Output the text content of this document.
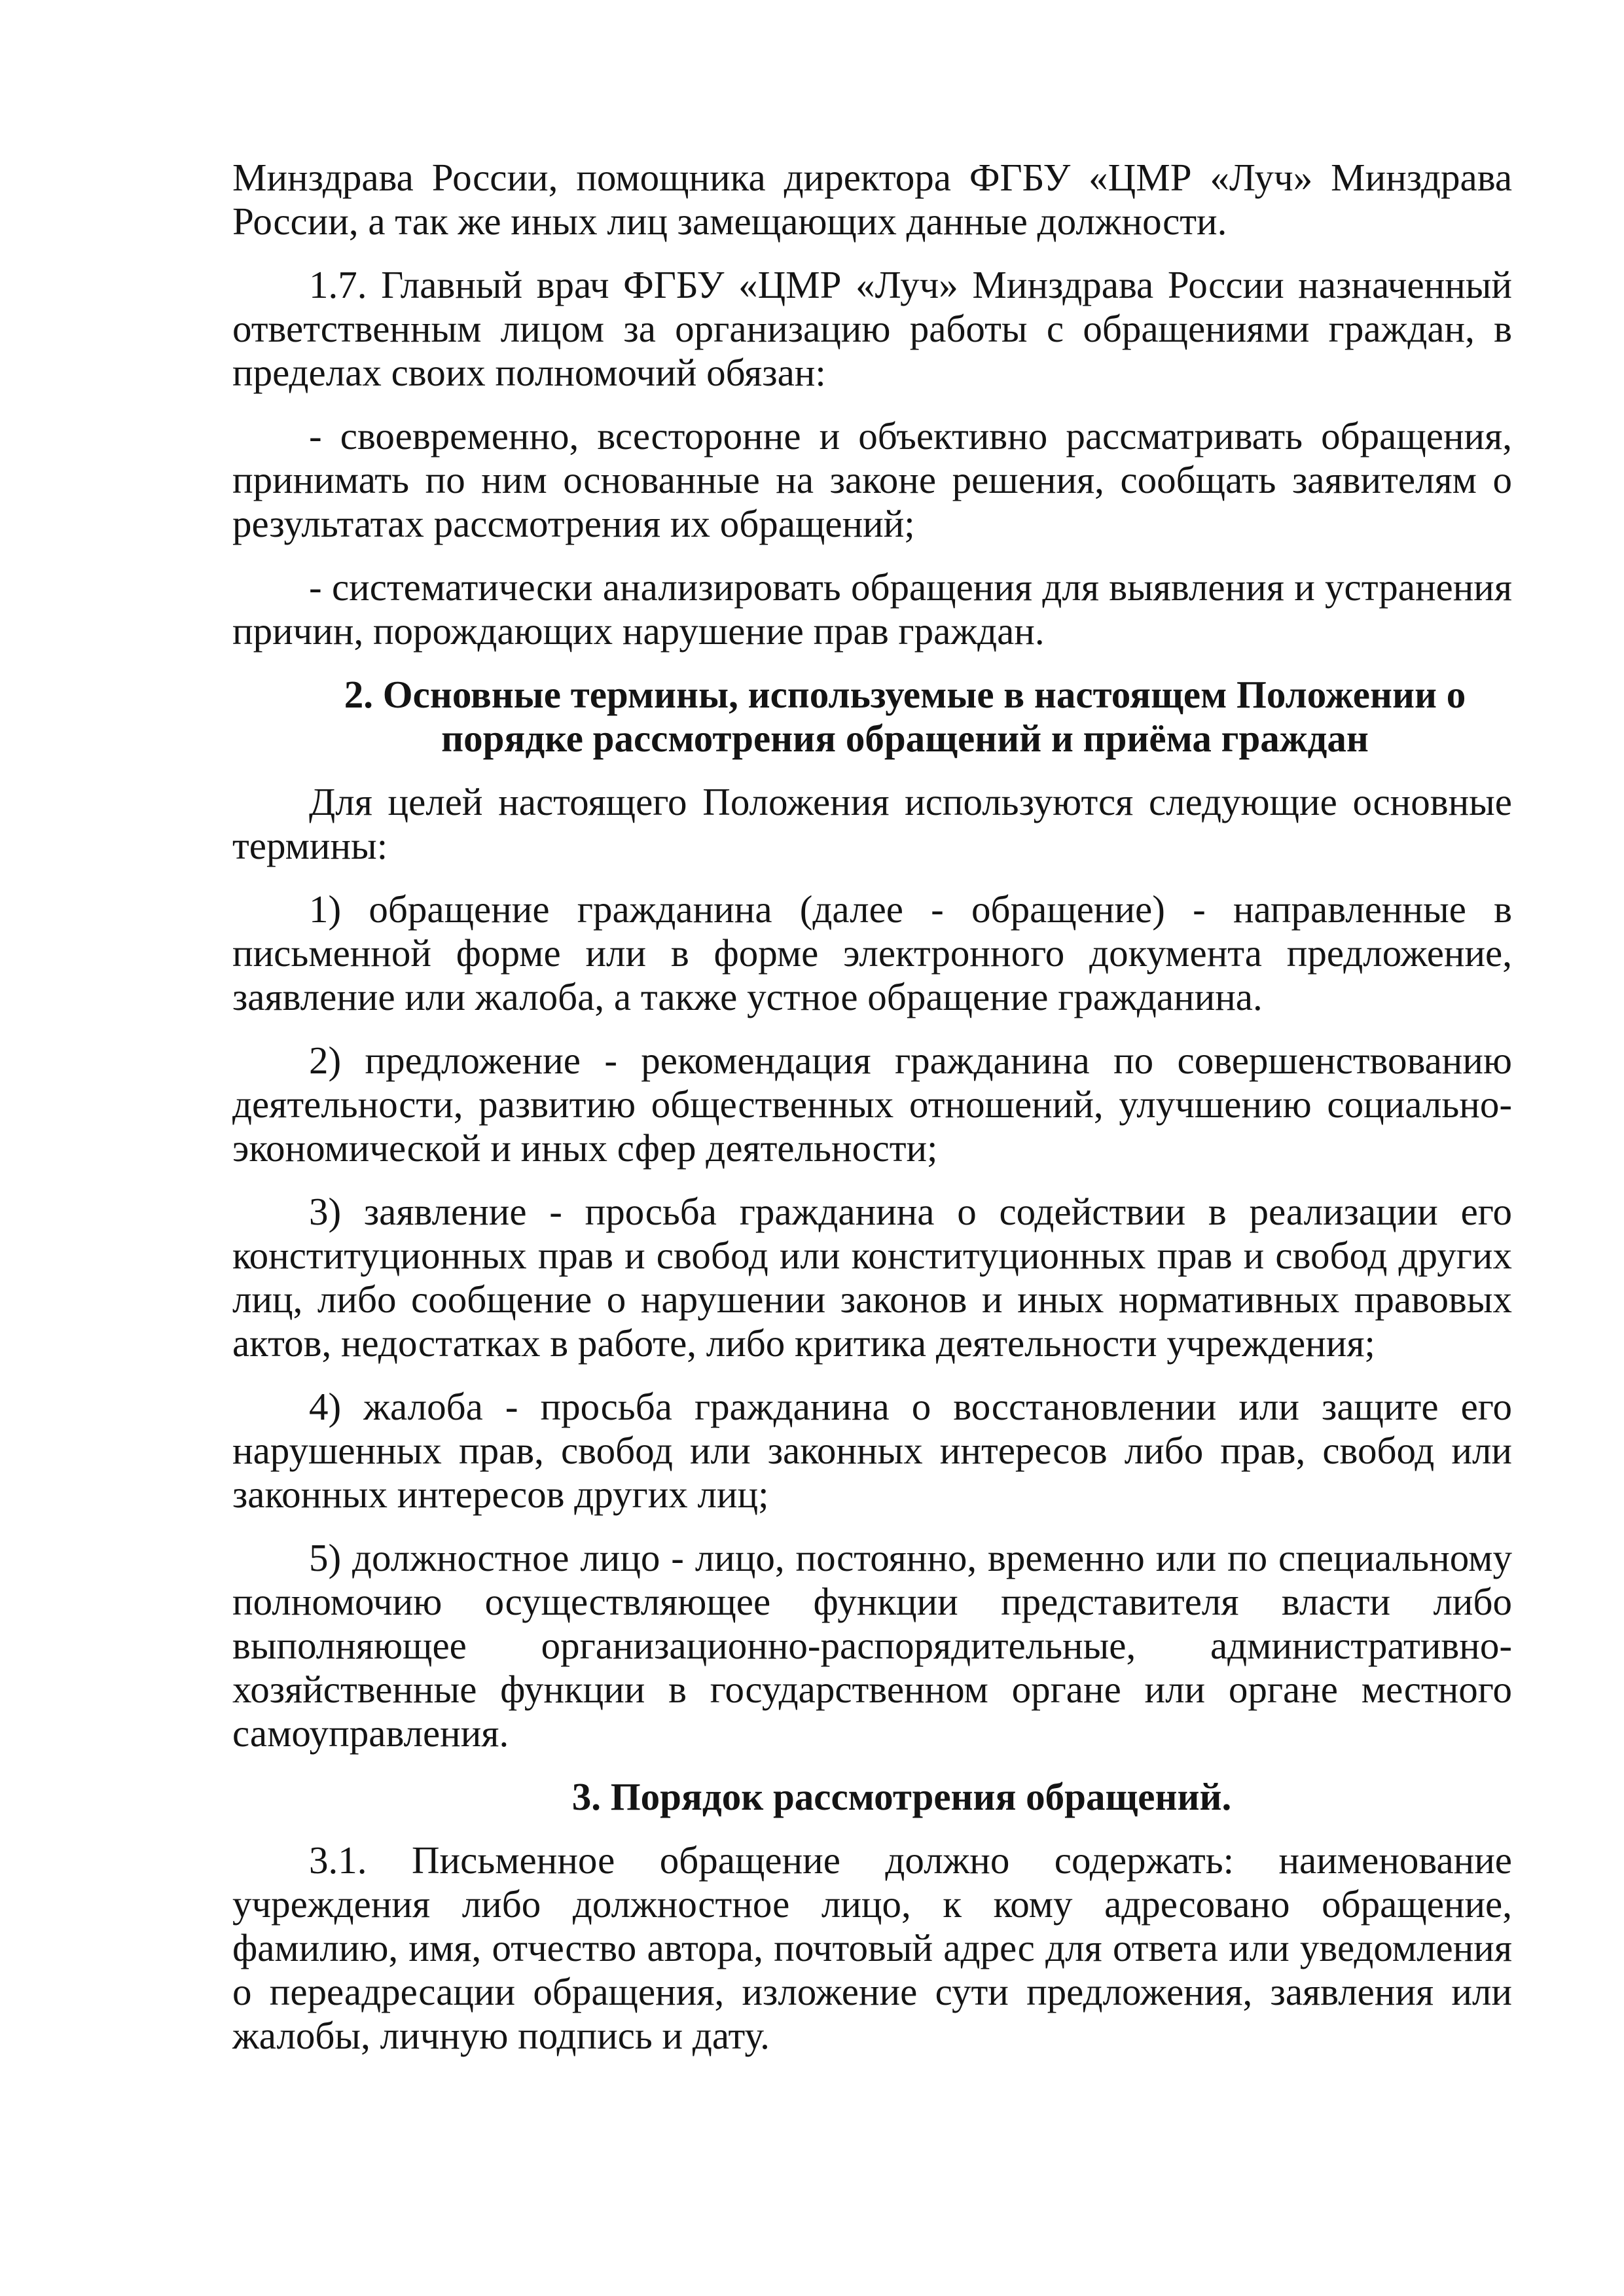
Минздрава России, помощника директора ФГБУ «ЦМР «Луч» Минздрава России, а так же иных лиц замещающих данные должности.

1.7. Главный врач ФГБУ «ЦМР «Луч» Минздрава России назначенный ответственным лицом за организацию работы с обращениями граждан, в пределах своих полномочий обязан:

- своевременно, всесторонне и объективно рассматривать обращения, принимать по ним основанные на законе решения, сообщать заявителям о результатах рассмотрения их обращений;

- систематически анализировать обращения для выявления и устранения причин, порождающих нарушение прав граждан.

2. Основные термины, используемые в настоящем Положении о
порядке рассмотрения обращений и приёма граждан

Для целей настоящего Положения используются следующие основные термины:

1) обращение гражданина (далее - обращение) - направленные в письменной форме или в форме электронного документа предложение, заявление или жалоба, а также устное обращение гражданина.

2) предложение - рекомендация гражданина по совершенствованию деятельности, развитию общественных отношений, улучшению социально-экономической и иных сфер деятельности;

3) заявление - просьба гражданина о содействии в реализации его конституционных прав и свобод или конституционных прав и свобод других лиц, либо сообщение о нарушении законов и иных нормативных правовых актов, недостатках в работе, либо критика деятельности учреждения;

4) жалоба - просьба гражданина о восстановлении или защите его нарушенных прав, свобод или законных интересов либо прав, свобод или законных интересов других лиц;

5) должностное лицо - лицо, постоянно, временно или по специальному полномочию осуществляющее функции представителя власти либо выполняющее организационно-распорядительные, административно-хозяйственные функции в государственном органе или органе местного самоуправления.

3. Порядок рассмотрения обращений.

3.1. Письменное обращение должно содержать: наименование учреждения либо должностное лицо, к кому адресовано обращение, фамилию, имя, отчество автора, почтовый адрес для ответа или уведомления о переадресации обращения, изложение сути предложения, заявления или жалобы, личную подпись и дату.
